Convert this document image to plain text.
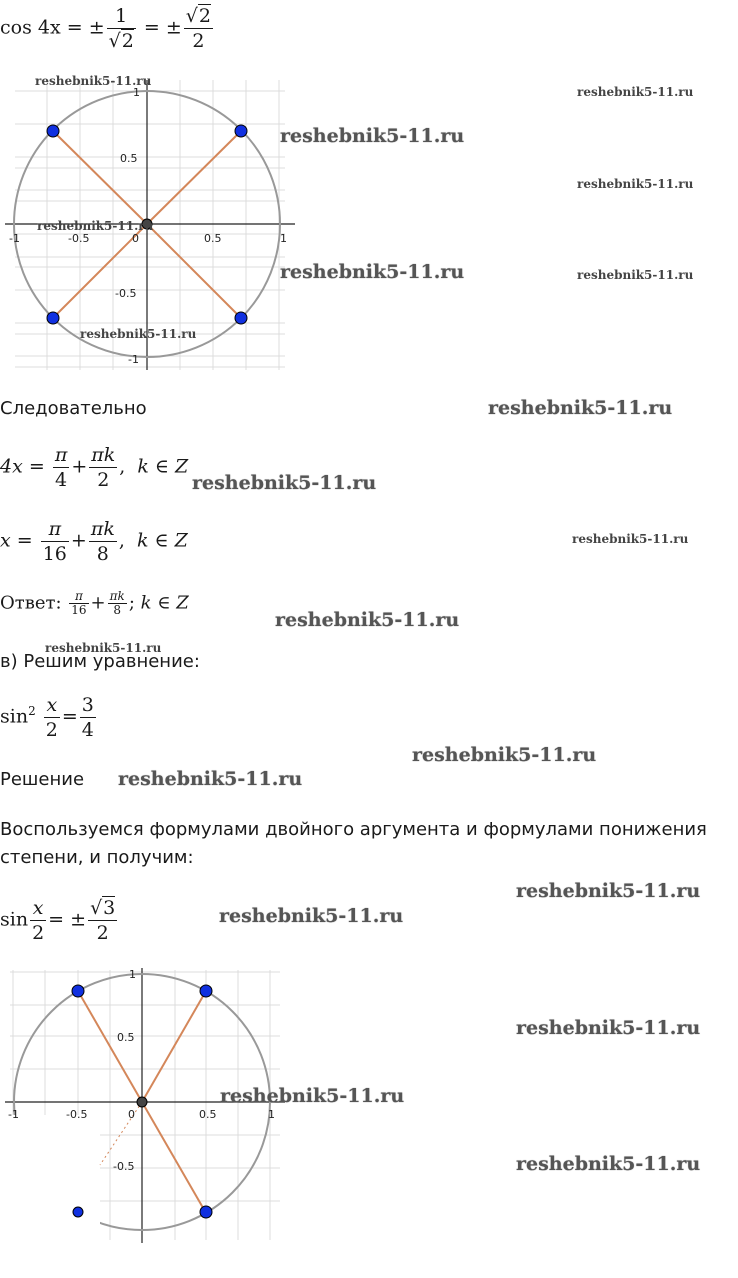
cos 4x = ± $\frac{1}{√2}$ = ± $\frac{√2}{2}$
-1	-0.5	0	0.5	1
1
0.5
-0.5
-1
reshebnik5-11.ru
reshebnik5-11.ru
reshebnik5-11.ru
reshebnik5-11.ru
reshebnik5-11.ru
reshebnik5-11.ru
reshebnik5-11.ru	reshebnik5-11.ru
Следовательно	reshebnik5-11.ru
$4x = \frac{\pi}{4} + \frac{\pi k}{2}$ ,  k ∈ Z
reshebnik5-11.ru
$x = \frac{\pi}{16} + \frac{\pi k}{8}$ ,  k ∈ Z	reshebnik5-11.ru
Ответ: $\frac{\pi}{16} + \frac{\pi k}{8}$ ; k ∈ Z
reshebnik5-11.ru
reshebnik5-11.ru
в) Решим уравнение:
$\sin^2 \frac{x}{2} = \frac{3}{4}$
reshebnik5-11.ru
Решение reshebnik5-11.ru
Воспользуемся формулами двойного аргумента и формулами понижения
степени, и получим:
reshebnik5-11.ru
$\sin \frac{x}{2}$ = ± $\frac{√3}{2}$	reshebnik5-11.ru
-1	-0.5	0	0.5	1
1
0.5
-0.5
reshebnik5-11.ru
reshebnik5-11.ru
reshebnik5-11.ru
